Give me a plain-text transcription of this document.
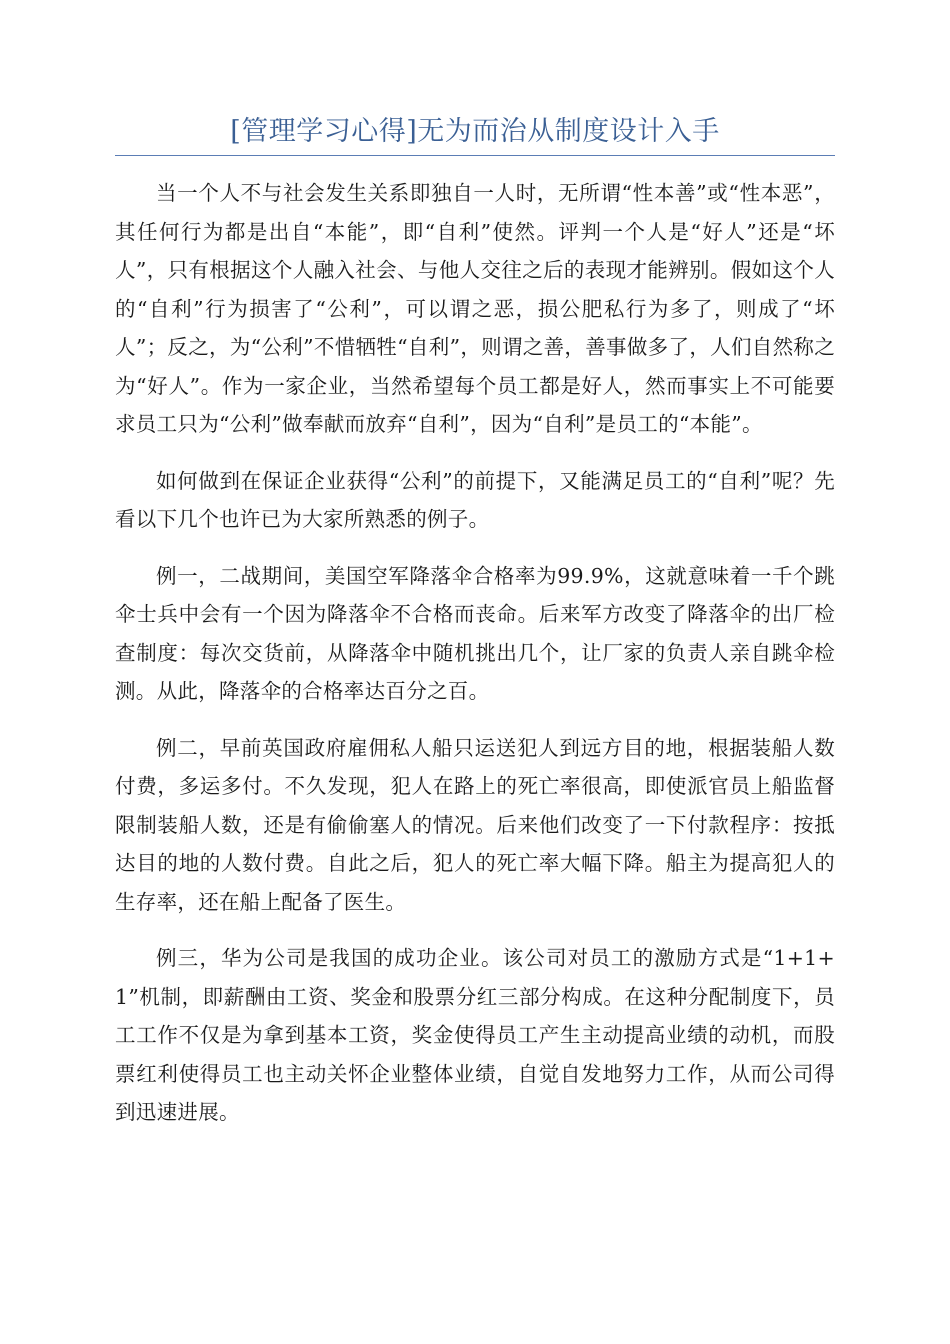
[管理学习心得]无为而治从制度设计入手

当一个人不与社会发生关系即独自一人时，无所谓“性本善”或“性本恶”，其任何行为都是出自“本能”，即“自利”使然。评判一个人是“好人”还是“坏人”，只有根据这个人融入社会、与他人交往之后的表现才能辨别。假如这个人的“自利”行为损害了“公利”，可以谓之恶，损公肥私行为多了，则成了“坏人”；反之，为“公利”不惜牺牲“自利”，则谓之善，善事做多了，人们自然称之为“好人”。作为一家企业，当然希望每个员工都是好人，然而事实上不可能要求员工只为“公利”做奉献而放弃“自利”，因为“自利”是员工的“本能”。

如何做到在保证企业获得“公利”的前提下，又能满足员工的“自利”呢？先看以下几个也许已为大家所熟悉的例子。

例一，二战期间，美国空军降落伞合格率为99.9%，这就意味着一千个跳伞士兵中会有一个因为降落伞不合格而丧命。后来军方改变了降落伞的出厂检查制度：每次交货前，从降落伞中随机挑出几个，让厂家的负责人亲自跳伞检测。从此，降落伞的合格率达百分之百。

例二，早前英国政府雇佣私人船只运送犯人到远方目的地，根据装船人数付费，多运多付。不久发现，犯人在路上的死亡率很高，即使派官员上船监督限制装船人数，还是有偷偷塞人的情况。后来他们改变了一下付款程序：按抵达目的地的人数付费。自此之后，犯人的死亡率大幅下降。船主为提高犯人的生存率，还在船上配备了医生。

例三，华为公司是我国的成功企业。该公司对员工的激励方式是“1+1+1”机制，即薪酬由工资、奖金和股票分红三部分构成。在这种分配制度下，员工工作不仅是为拿到基本工资，奖金使得员工产生主动提高业绩的动机，而股票红利使得员工也主动关怀企业整体业绩，自觉自发地努力工作，从而公司得到迅速进展。
